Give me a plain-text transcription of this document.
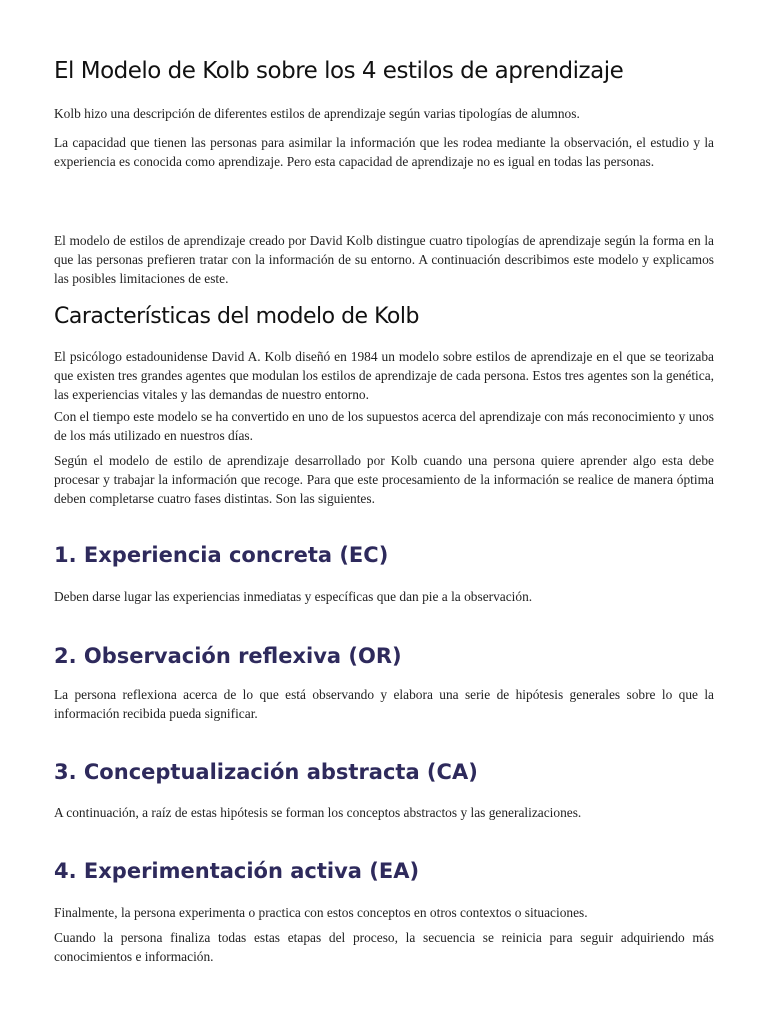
El Modelo de Kolb sobre los 4 estilos de aprendizaje

Kolb hizo una descripción de diferentes estilos de aprendizaje según varias tipologías de alumnos.

La capacidad que tienen las personas para asimilar la información que les rodea mediante la observación, el estudio y la experiencia es conocida como aprendizaje. Pero esta capacidad de aprendizaje no es igual en todas las personas.

El modelo de estilos de aprendizaje creado por David Kolb distingue cuatro tipologías de aprendizaje según la forma en la que las personas prefieren tratar con la información de su entorno. A continuación describimos este modelo y explicamos las posibles limitaciones de este.

Características del modelo de Kolb

El psicólogo estadounidense David A. Kolb diseñó en 1984 un modelo sobre estilos de aprendizaje en el que se teorizaba que existen tres grandes agentes que modulan los estilos de aprendizaje de cada persona. Estos tres agentes son la genética, las experiencias vitales y las demandas de nuestro entorno.

Con el tiempo este modelo se ha convertido en uno de los supuestos acerca del aprendizaje con más reconocimiento y unos de los más utilizado en nuestros días.

Según el modelo de estilo de aprendizaje desarrollado por Kolb cuando una persona quiere aprender algo esta debe procesar y trabajar la información que recoge. Para que este procesamiento de la información se realice de manera óptima deben completarse cuatro fases distintas. Son las siguientes.

1. Experiencia concreta (EC)

Deben darse lugar las experiencias inmediatas y específicas que dan pie a la observación.

2. Observación reflexiva (OR)

La persona reflexiona acerca de lo que está observando y elabora una serie de hipótesis generales sobre lo que la información recibida pueda significar.

3. Conceptualización abstracta (CA)

A continuación, a raíz de estas hipótesis se forman los conceptos abstractos y las generalizaciones.

4. Experimentación activa (EA)

Finalmente, la persona experimenta o practica con estos conceptos en otros contextos o situaciones.

Cuando la persona finaliza todas estas etapas del proceso, la secuencia se reinicia para seguir adquiriendo más conocimientos e información.
